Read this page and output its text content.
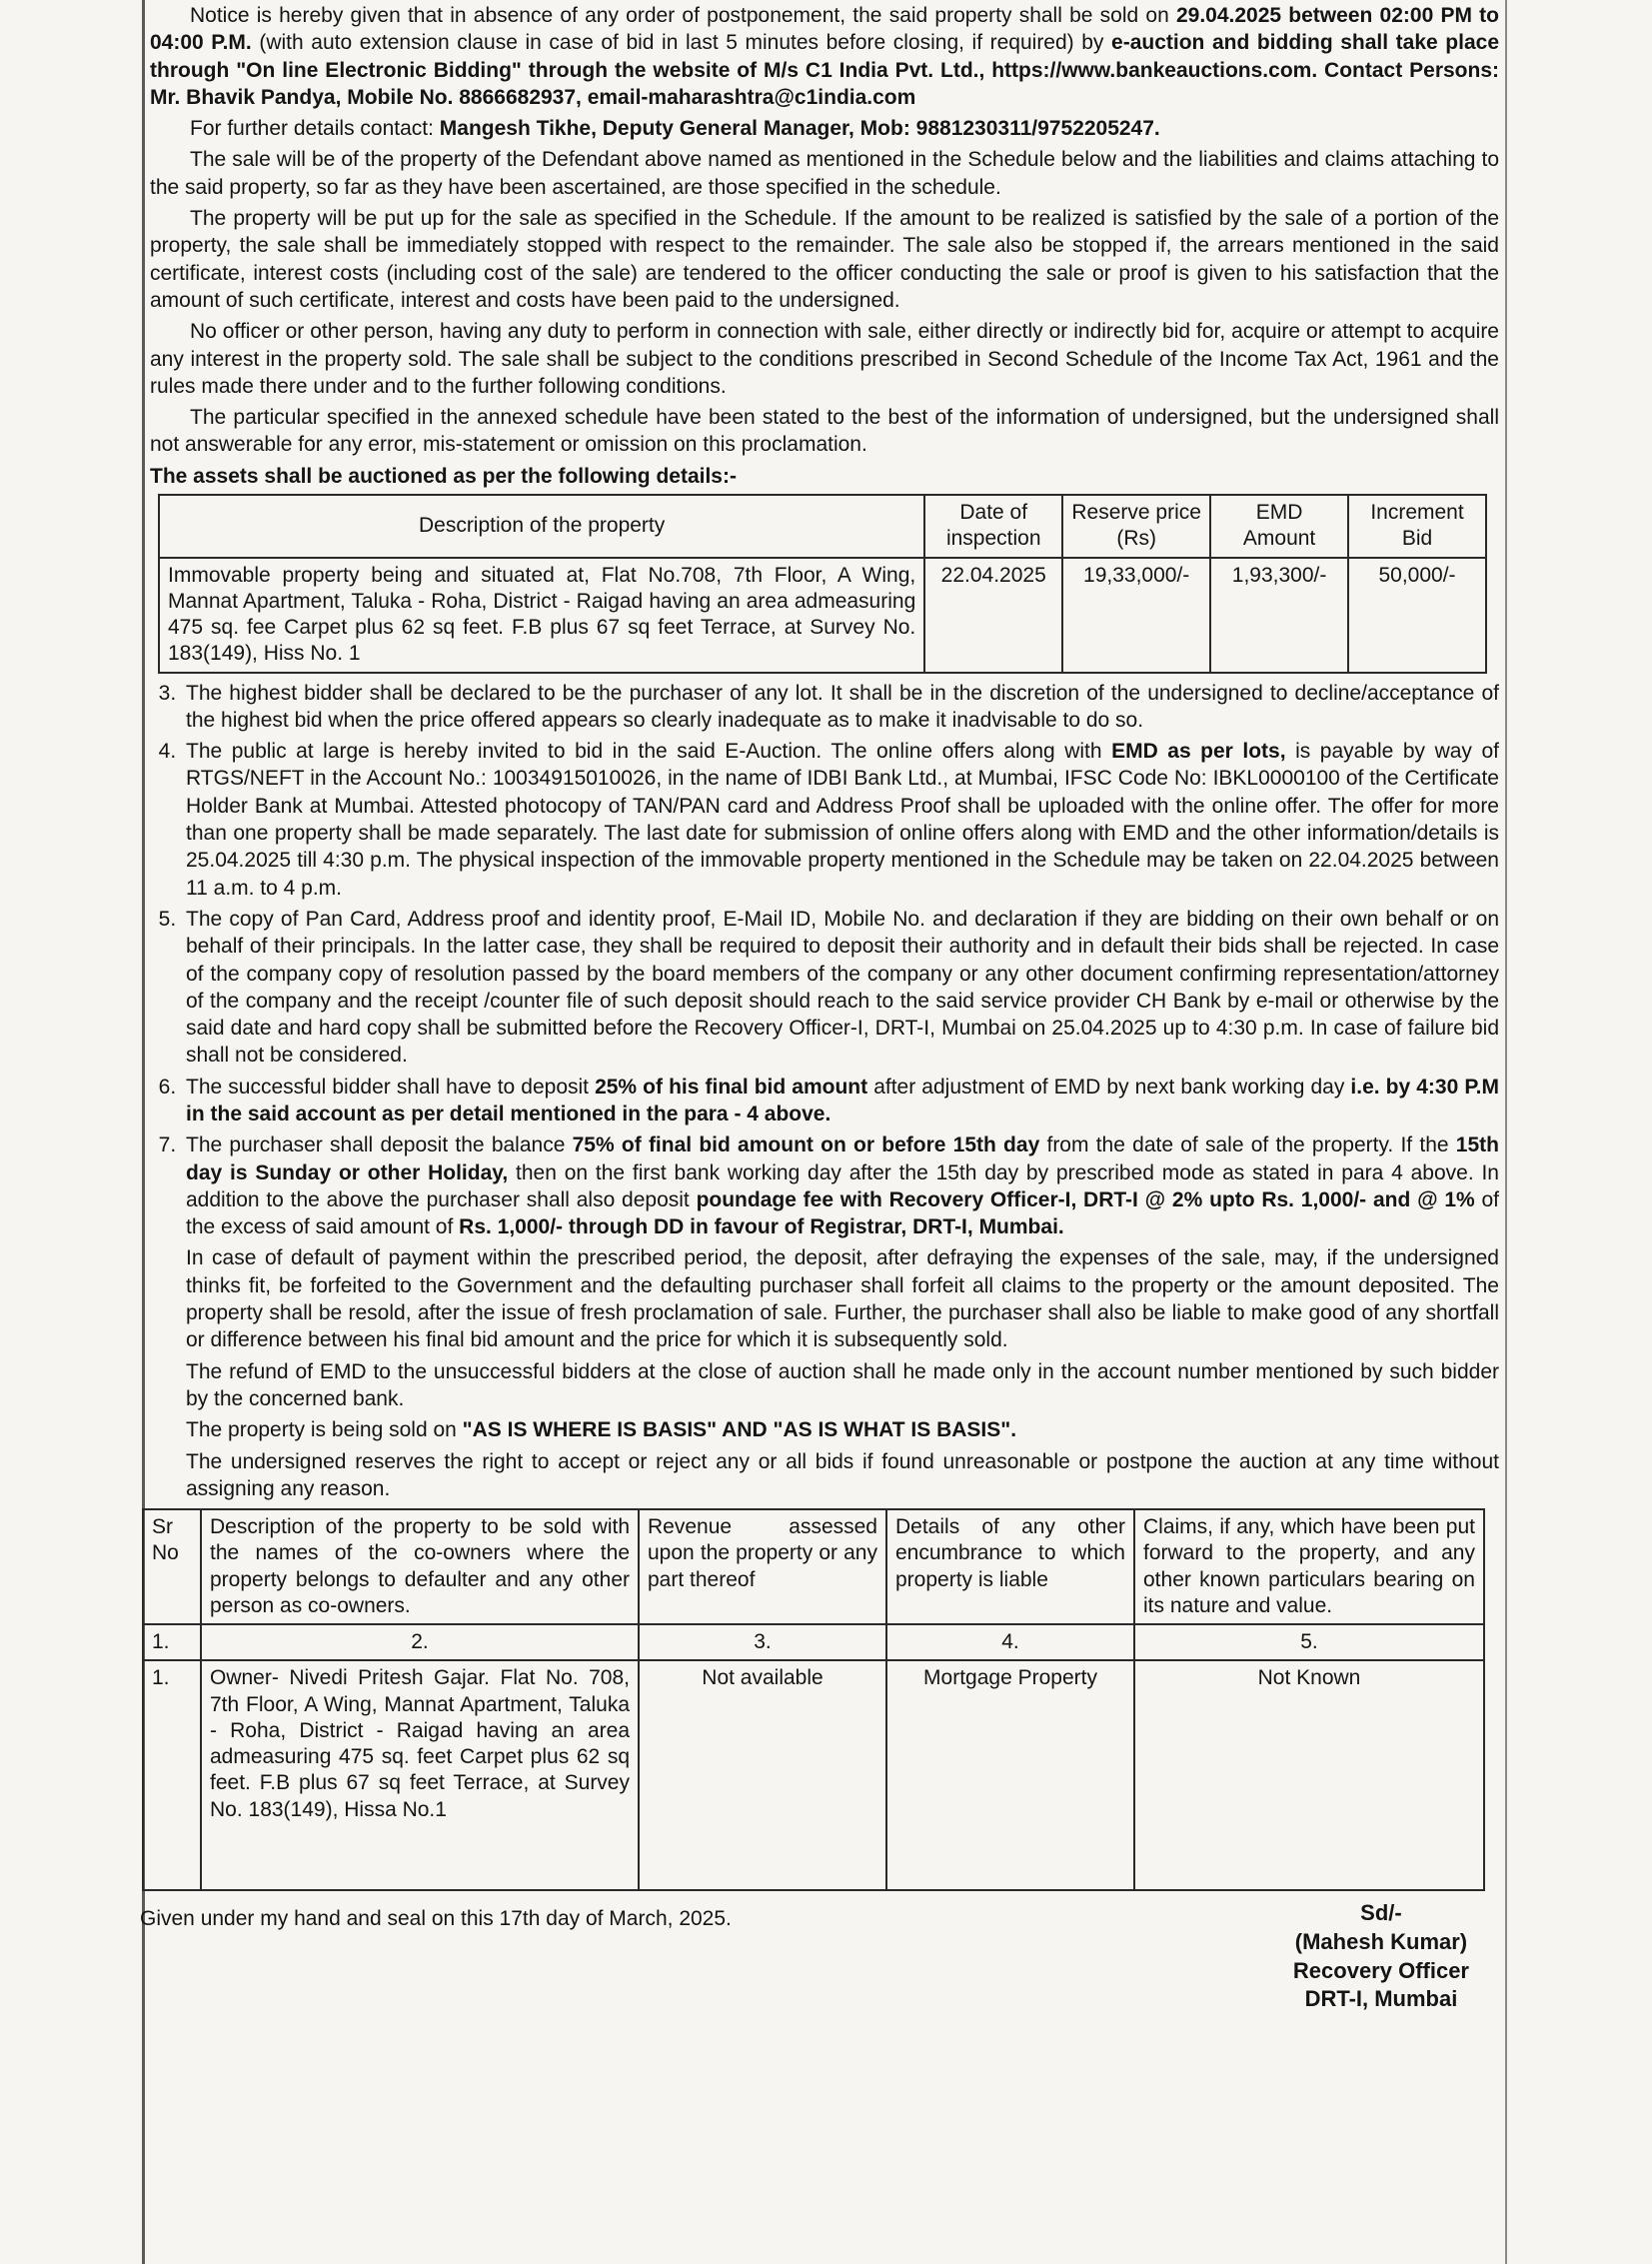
Notice is hereby given that in absence of any order of postponement, the said property shall be sold on 29.04.2025 between 02:00 PM to 04:00 P.M. (with auto extension clause in case of bid in last 5 minutes before closing, if required) by e-auction and bidding shall take place through "On line Electronic Bidding" through the website of M/s C1 India Pvt. Ltd., https://www.bankeauctions.com. Contact Persons: Mr. Bhavik Pandya, Mobile No. 8866682937, email-maharashtra@c1india.com

For further details contact: Mangesh Tikhe, Deputy General Manager, Mob: 9881230311/9752205247.

The sale will be of the property of the Defendant above named as mentioned in the Schedule below and the liabilities and claims attaching to the said property, so far as they have been ascertained, are those specified in the schedule.

The property will be put up for the sale as specified in the Schedule. If the amount to be realized is satisfied by the sale of a portion of the property, the sale shall be immediately stopped with respect to the remainder. The sale also be stopped if, the arrears mentioned in the said certificate, interest costs (including cost of the sale) are tendered to the officer conducting the sale or proof is given to his satisfaction that the amount of such certificate, interest and costs have been paid to the undersigned.

No officer or other person, having any duty to perform in connection with sale, either directly or indirectly bid for, acquire or attempt to acquire any interest in the property sold. The sale shall be subject to the conditions prescribed in Second Schedule of the Income Tax Act, 1961 and the rules made there under and to the further following conditions.

The particular specified in the annexed schedule have been stated to the best of the information of undersigned, but the undersigned shall not answerable for any error, mis-statement or omission on this proclamation.

The assets shall be auctioned as per the following details:-

Description of the property	Date of inspection	Reserve price (Rs)	EMD Amount	Increment Bid
Immovable property being and situated at, Flat No.708, 7th Floor, A Wing, Mannat Apartment, Taluka - Roha, District - Raigad having an area admeasuring 475 sq. fee Carpet plus 62 sq feet. F.B plus 67 sq feet Terrace, at Survey No. 183(149), Hiss No. 1	22.04.2025	19,33,000/-	1,93,300/-	50,000/-
3. The highest bidder shall be declared to be the purchaser of any lot. It shall be in the discretion of the undersigned to decline/acceptance of the highest bid when the price offered appears so clearly inadequate as to make it inadvisable to do so.
4. The public at large is hereby invited to bid in the said E-Auction. The online offers along with EMD as per lots, is payable by way of RTGS/NEFT in the Account No.: 10034915010026, in the name of IDBI Bank Ltd., at Mumbai, IFSC Code No: IBKL0000100 of the Certificate Holder Bank at Mumbai. Attested photocopy of TAN/PAN card and Address Proof shall be uploaded with the online offer. The offer for more than one property shall be made separately. The last date for submission of online offers along with EMD and the other information/details is 25.04.2025 till 4:30 p.m. The physical inspection of the immovable property mentioned in the Schedule may be taken on 22.04.2025 between 11 a.m. to 4 p.m.
5. The copy of Pan Card, Address proof and identity proof, E-Mail ID, Mobile No. and declaration if they are bidding on their own behalf or on behalf of their principals. In the latter case, they shall be required to deposit their authority and in default their bids shall be rejected. In case of the company copy of resolution passed by the board members of the company or any other document confirming representation/attorney of the company and the receipt /counter file of such deposit should reach to the said service provider CH Bank by e-mail or otherwise by the said date and hard copy shall be submitted before the Recovery Officer-I, DRT-I, Mumbai on 25.04.2025 up to 4:30 p.m. In case of failure bid shall not be considered.
6. The successful bidder shall have to deposit 25% of his final bid amount after adjustment of EMD by next bank working day i.e. by 4:30 P.M in the said account as per detail mentioned in the para - 4 above.
7. The purchaser shall deposit the balance 75% of final bid amount on or before 15th day from the date of sale of the property. If the 15th day is Sunday or other Holiday, then on the first bank working day after the 15th day by prescribed mode as stated in para 4 above. In addition to the above the purchaser shall also deposit poundage fee with Recovery Officer-I, DRT-I @ 2% upto Rs. 1,000/- and @ 1% of the excess of said amount of Rs. 1,000/- through DD in favour of Registrar, DRT-I, Mumbai.

In case of default of payment within the prescribed period, the deposit, after defraying the expenses of the sale, may, if the undersigned thinks fit, be forfeited to the Government and the defaulting purchaser shall forfeit all claims to the property or the amount deposited. The property shall be resold, after the issue of fresh proclamation of sale. Further, the purchaser shall also be liable to make good of any shortfall or difference between his final bid amount and the price for which it is subsequently sold.

The refund of EMD to the unsuccessful bidders at the close of auction shall he made only in the account number mentioned by such bidder by the concerned bank.

The property is being sold on "AS IS WHERE IS BASIS" AND "AS IS WHAT IS BASIS".

The undersigned reserves the right to accept or reject any or all bids if found unreasonable or postpone the auction at any time without assigning any reason.

Sr No	Description of the property to be sold with the names of the co-owners where the property belongs to defaulter and any other person as co-owners.	Revenue assessed upon the property or any part thereof	Details of any other encumbrance to which property is liable	Claims, if any, which have been put forward to the property, and any other known particulars bearing on its nature and value.
1.	2.	3.	4.	5.
1.	Owner- Nivedi Pritesh Gajar. Flat No. 708, 7th Floor, A Wing, Mannat Apartment, Taluka - Roha, District - Raigad having an area admeasuring 475 sq. feet Carpet plus 62 sq feet. F.B plus 67 sq feet Terrace, at Survey No. 183(149), Hissa No.1	Not available	Mortgage Property	Not Known
Given under my hand and seal on this 17th day of March, 2025.	Sd/-
(Mahesh Kumar)
Recovery Officer
DRT-I, Mumbai
